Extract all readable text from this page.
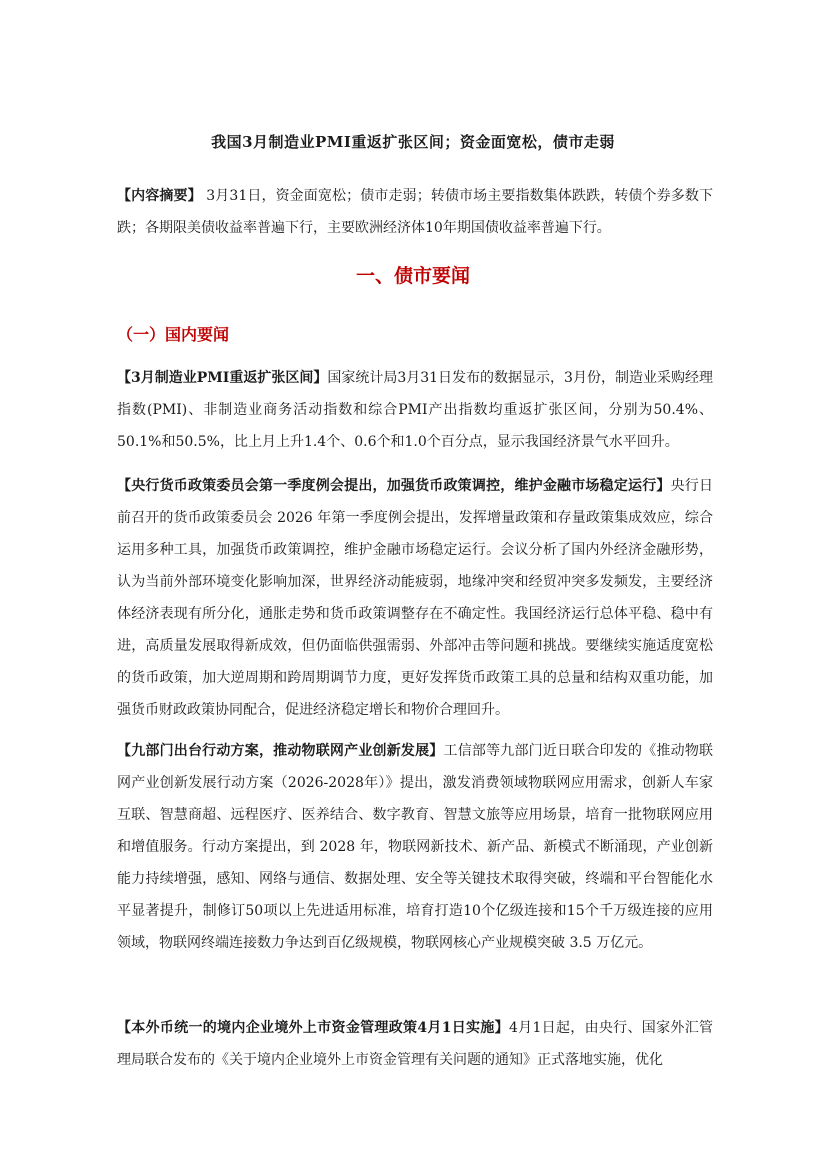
我国3月制造业PMI重返扩张区间；资金面宽松，债市走弱
【内容摘要】 3月31日，资金面宽松；债市走弱；转债市场主要指数集体跌跌，转债个券多数下跌；各期限美债收益率普遍下行，主要欧洲经济体10年期国债收益率普遍下行。
一、债市要闻
（一）国内要闻
【3月制造业PMI重返扩张区间】国家统计局3月31日发布的数据显示，3月份，制造业采购经理指数(PMI)、非制造业商务活动指数和综合PMI产出指数均重返扩张区间，分别为50.4%、50.1%和50.5%，比上月上升1.4个、0.6个和1.0个百分点，显示我国经济景气水平回升。
【央行货币政策委员会第一季度例会提出，加强货币政策调控，维护金融市场稳定运行】央行日前召开的货币政策委员会 2026 年第一季度例会提出，发挥增量政策和存量政策集成效应，综合运用多种工具，加强货币政策调控，维护金融市场稳定运行。会议分析了国内外经济金融形势，认为当前外部环境变化影响加深，世界经济动能疲弱，地缘冲突和经贸冲突多发频发，主要经济体经济表现有所分化，通胀走势和货币政策调整存在不确定性。我国经济运行总体平稳、稳中有进，高质量发展取得新成效，但仍面临供强需弱、外部冲击等问题和挑战。要继续实施适度宽松的货币政策，加大逆周期和跨周期调节力度，更好发挥货币政策工具的总量和结构双重功能，加强货币财政政策协同配合，促进经济稳定增长和物价合理回升。
【九部门出台行动方案，推动物联网产业创新发展】工信部等九部门近日联合印发的《推动物联网产业创新发展行动方案（2026-2028年）》提出，激发消费领域物联网应用需求，创新人车家互联、智慧商超、远程医疗、医养结合、数字教育、智慧文旅等应用场景，培育一批物联网应用和增值服务。行动方案提出，到 2028 年，物联网新技术、新产品、新模式不断涌现，产业创新能力持续增强，感知、网络与通信、数据处理、安全等关键技术取得突破，终端和平台智能化水平显著提升，制修订50项以上先进适用标准，培育打造10个亿级连接和15个千万级连接的应用领域，物联网终端连接数力争达到百亿级规模，物联网核心产业规模突破 3.5 万亿元。
【本外币统一的境内企业境外上市资金管理政策4月1日实施】4月1日起，由央行、国家外汇管理局联合发布的《关于境内企业境外上市资金管理有关问题的通知》正式落地实施，优化
